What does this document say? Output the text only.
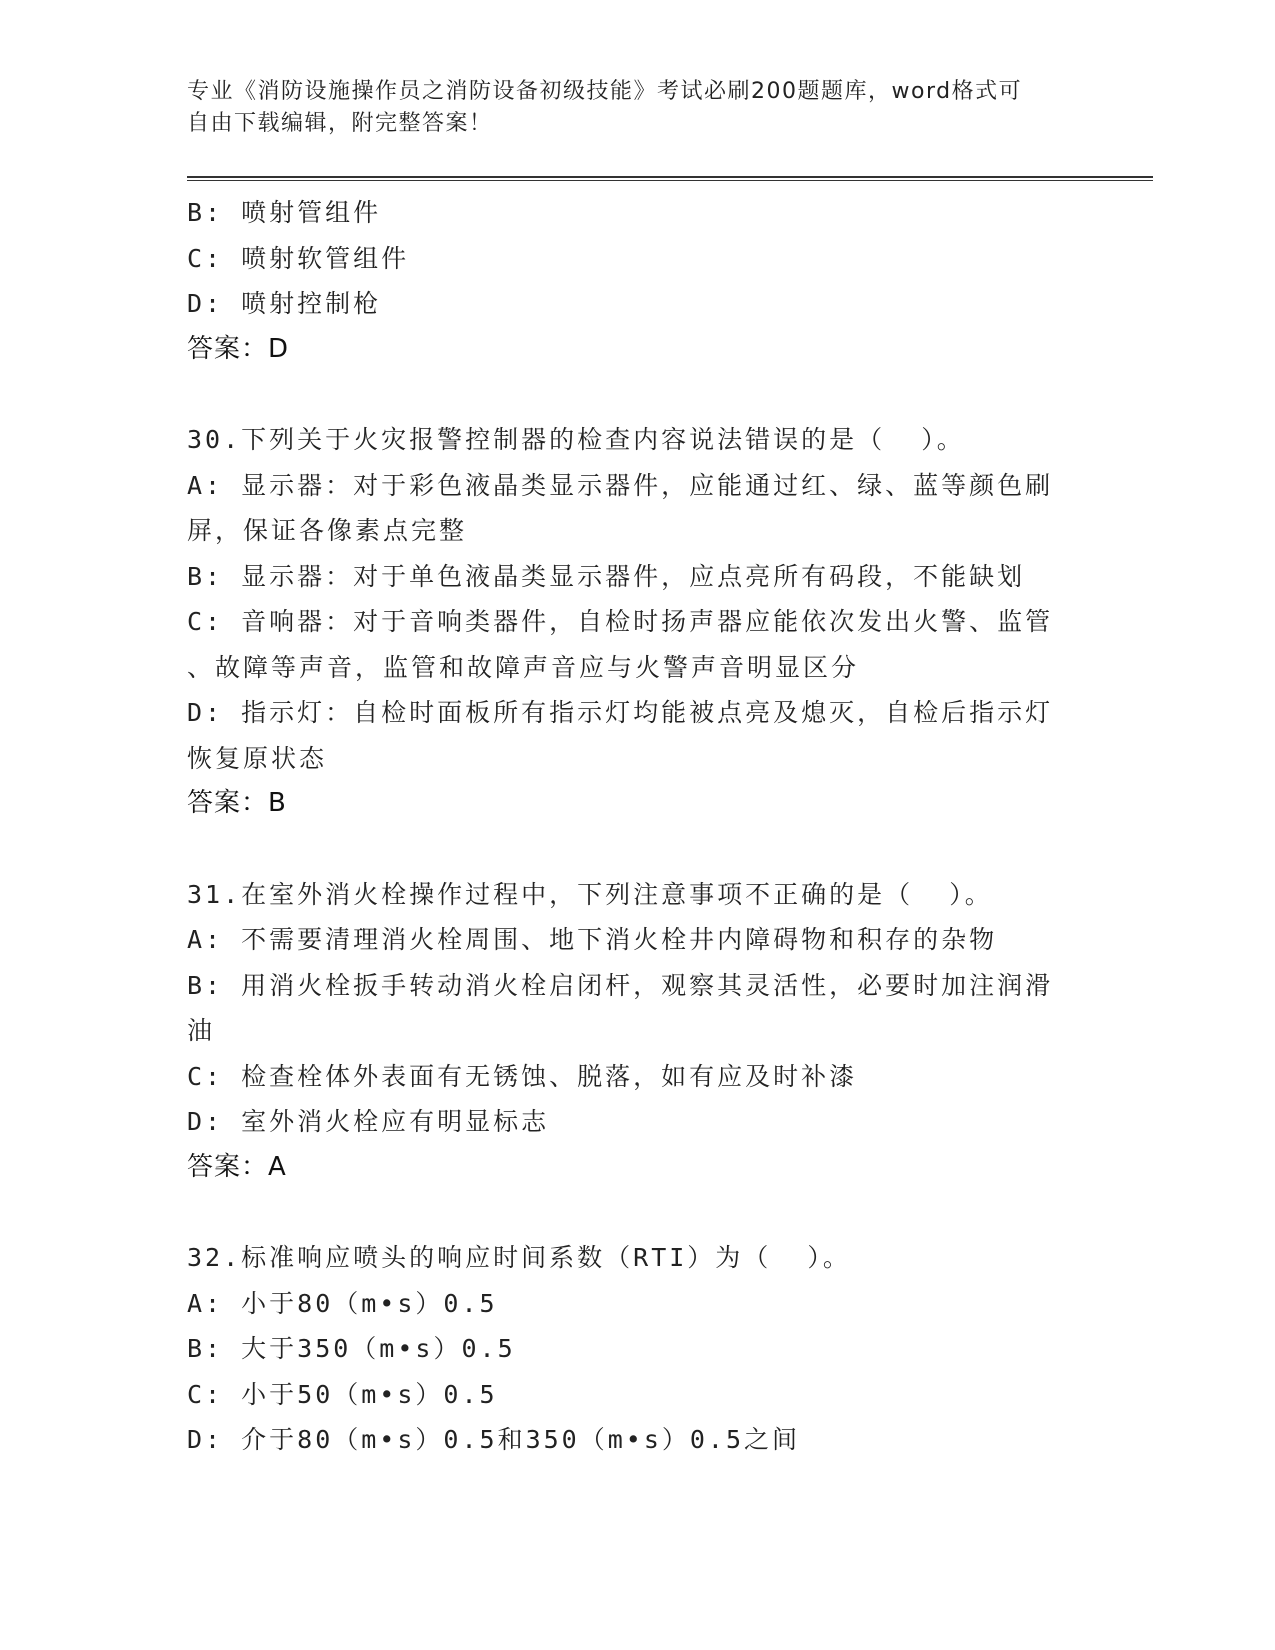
专业《消防设施操作员之消防设备初级技能》考试必刷200题题库，word格式可
自由下载编辑，附完整答案！

B: 喷射管组件

C: 喷射软管组件

D: 喷射控制枪

答案：D

30.下列关于火灾报警控制器的检查内容说法错误的是（  ）。

A: 显示器：对于彩色液晶类显示器件，应能通过红、绿、蓝等颜色刷

屏，保证各像素点完整

B: 显示器：对于单色液晶类显示器件，应点亮所有码段，不能缺划

C: 音响器：对于音响类器件，自检时扬声器应能依次发出火警、监管

、故障等声音，监管和故障声音应与火警声音明显区分

D: 指示灯：自检时面板所有指示灯均能被点亮及熄灭，自检后指示灯

恢复原状态

答案：B

31.在室外消火栓操作过程中，下列注意事项不正确的是（  ）。

A: 不需要清理消火栓周围、地下消火栓井内障碍物和积存的杂物

B: 用消火栓扳手转动消火栓启闭杆，观察其灵活性，必要时加注润滑

油

C: 检查栓体外表面有无锈蚀、脱落，如有应及时补漆

D: 室外消火栓应有明显标志

答案：A

32.标准响应喷头的响应时间系数（RTI）为（  ）。

A: 小于80（m•s）0.5

B: 大于350（m•s）0.5

C: 小于50（m•s）0.5

D: 介于80（m•s）0.5和350（m•s）0.5之间
